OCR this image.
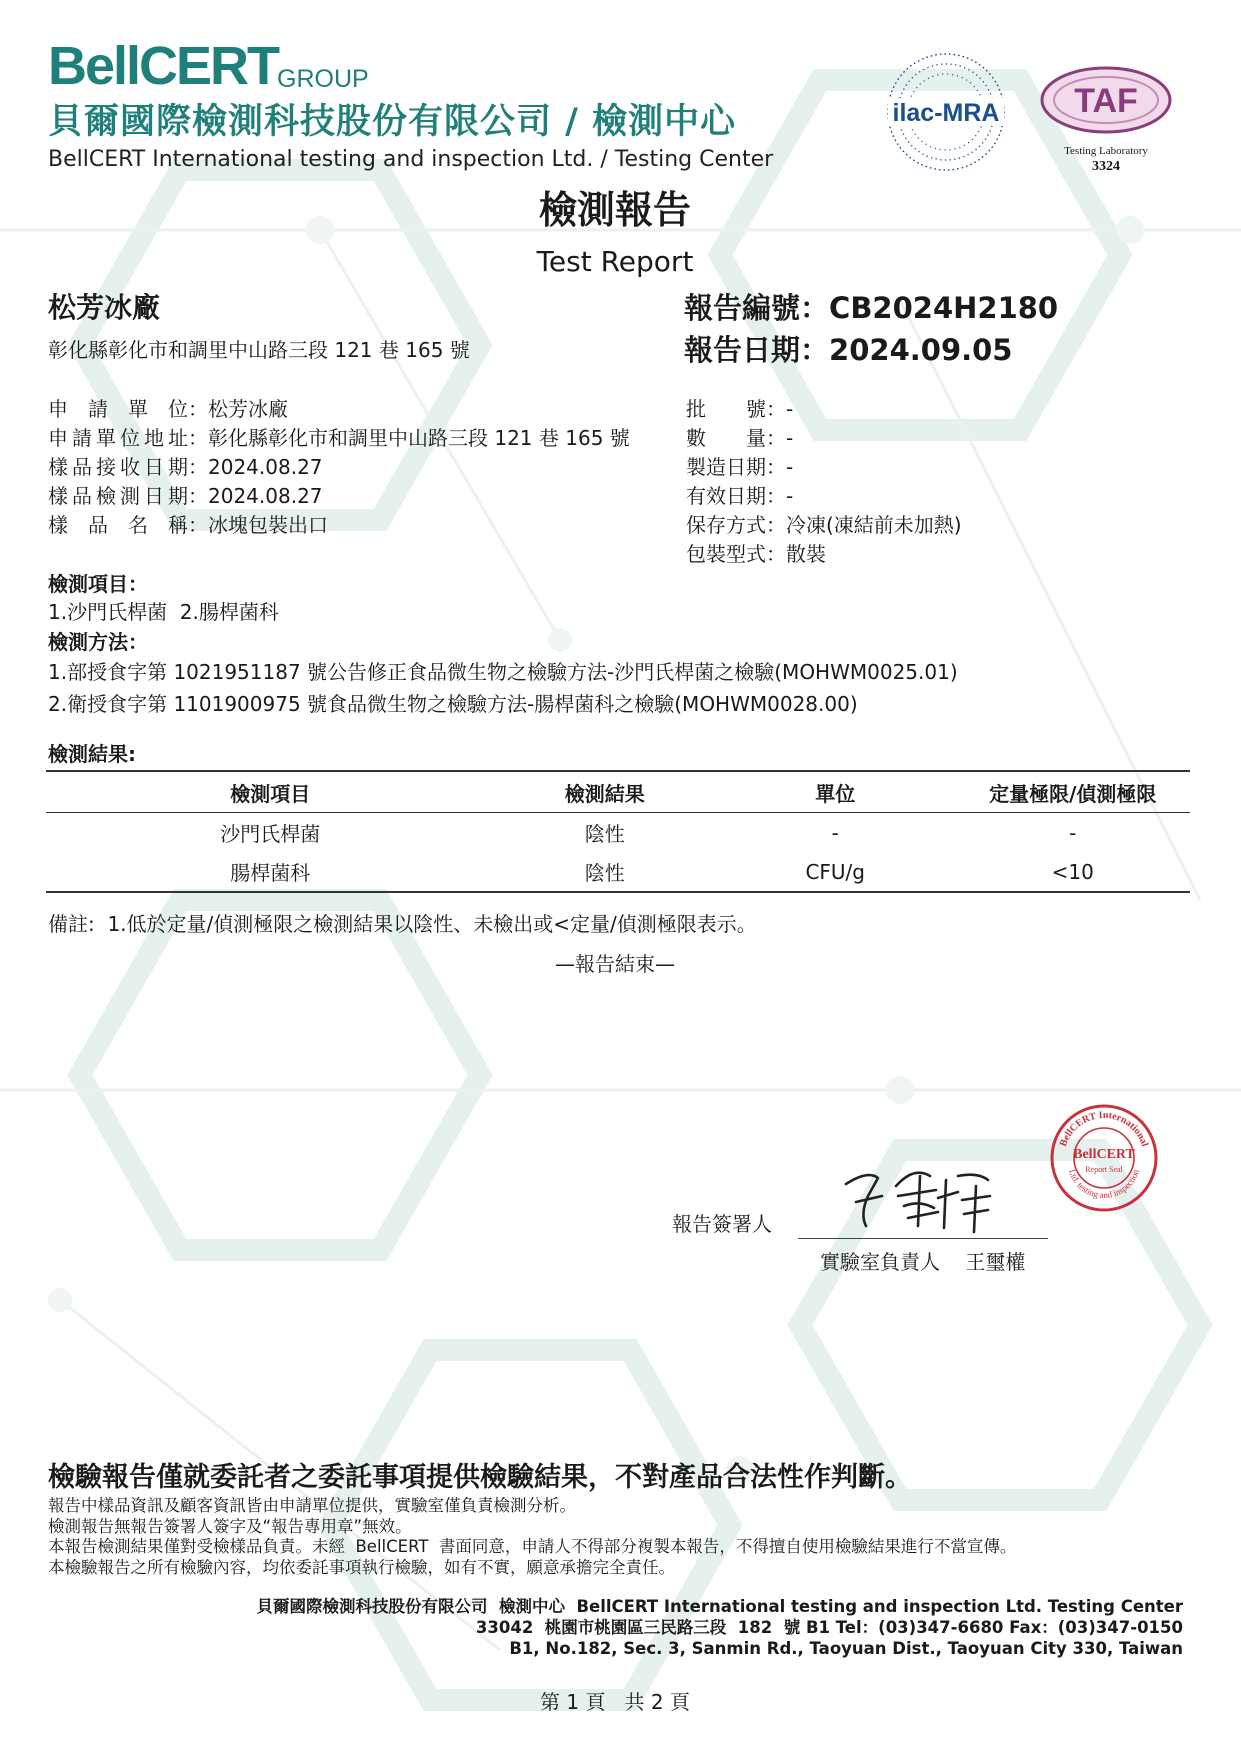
BellCERT
GROUP
貝爾國際檢測科技股份有限公司 / 檢測中心
BellCERT International testing and inspection Ltd. / Testing Center
ilac-MRA TAF
Testing Laboratory
3324
檢測報告
Test Report
松芳冰廠
彰化縣彰化市和調里中山路三段 121 巷 165 號
報告編號：CB2024H2180
報告日期：2024.09.05
申請單位 ： 松芳冰廠
申請單位地址 ： 彰化縣彰化市和調里中山路三段 121 巷 165 號
樣品接收日期 ： 2024.08.27
樣品檢測日期 ： 2024.08.27
樣品名稱 ： 冰塊包裝出口
批號 ： -
數量 ： -
製造日期 ： -
有效日期 ： -
保存方式 ： 冷凍(凍結前未加熱)
包裝型式 ： 散裝
檢測項目：
1.沙門氏桿菌  2.腸桿菌科
檢測方法：
1.部授食字第 1021951187 號公告修正食品微生物之檢驗方法-沙門氏桿菌之檢驗(MOHWM0025.01)
2.衛授食字第 1101900975 號食品微生物之檢驗方法-腸桿菌科之檢驗(MOHWM0028.00)
檢測結果:
檢測項目	檢測結果	單位	定量極限/偵測極限
沙門氏桿菌	陰性	-	-
腸桿菌科	陰性	CFU/g	<10
備註:  1.低於定量/偵測極限之檢測結果以陰性、未檢出或<定量/偵測極限表示。
—報告結束—
報告簽署人
實驗室負責人    王璽權
BellCERT International
Ltd. testing and inspection
BellCERT
Report Seal
檢驗報告僅就委託者之委託事項提供檢驗結果，不對產品合法性作判斷。
報告中樣品資訊及顧客資訊皆由申請單位提供，實驗室僅負責檢測分析。
檢測報告無報告簽署人簽字及“報告專用章”無效。
本報告檢測結果僅對受檢樣品負責。未經  BellCERT  書面同意，申請人不得部分複製本報告，不得擅自使用檢驗結果進行不當宣傳。
本檢驗報告之所有檢驗內容，均依委託事項執行檢驗，如有不實，願意承擔完全責任。
貝爾國際檢測科技股份有限公司  檢測中心  BellCERT International testing and inspection Ltd. Testing Center
33042  桃園市桃園區三民路三段  182  號 B1 Tel：(03)347-6680 Fax：(03)347-0150
B1, No.182, Sec. 3, Sanmin Rd., Taoyuan Dist., Taoyuan City 330, Taiwan
第 1 頁   共 2 頁
